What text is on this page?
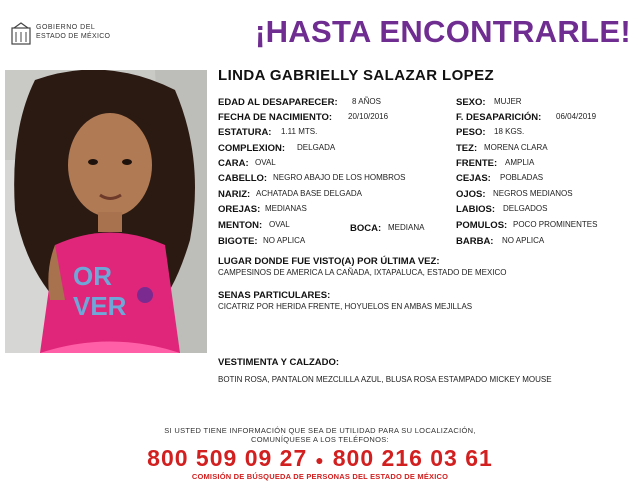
GOBIERNO DEL
ESTADO DE MÉXICO	¡HASTA ENCONTRARLE!
OR
VER
LINDA GABRIELLY SALAZAR LOPEZ
EDAD AL DESAPARECER: 8 AÑOS
FECHA DE NACIMIENTO: 20/10/2016
ESTATURA: 1.11 MTS.
COMPLEXION: DELGADA
CARA: OVAL
CABELLO: NEGRO ABAJO DE LOS HOMBROS
NARIZ: ACHATADA BASE DELGADA
OREJAS: MEDIANAS
MENTON: OVAL
BIGOTE: NO APLICA
BOCA: MEDIANA
SEXO: MUJER
F. DESAPARICIÓN: 06/04/2019
PESO: 18 KGS.
TEZ: MORENA CLARA
FRENTE: AMPLIA
CEJAS: POBLADAS
OJOS: NEGROS MEDIANOS
LABIOS: DELGADOS
POMULOS: POCO PROMINENTES
BARBA: NO APLICA
LUGAR DONDE FUE VISTO(A) POR ÚLTIMA VEZ:
CAMPESINOS DE AMERICA LA CAÑADA, IXTAPALUCA, ESTADO DE MEXICO
SENAS PARTICULARES:
CICATRIZ POR HERIDA FRENTE, HOYUELOS EN AMBAS MEJILLAS
VESTIMENTA Y CALZADO:
BOTIN ROSA, PANTALON MEZCLILLA AZUL, BLUSA ROSA ESTAMPADO MICKEY MOUSE
SI USTED TIENE INFORMACIÓN QUE SEA DE UTILIDAD PARA SU LOCALIZACIÓN,
COMUNÍQUESE A LOS TELÉFONOS:
800 509 09 27 ● 800 216 03 61
COMISIÓN DE BÚSQUEDA DE PERSONAS DEL ESTADO DE MÉXICO
